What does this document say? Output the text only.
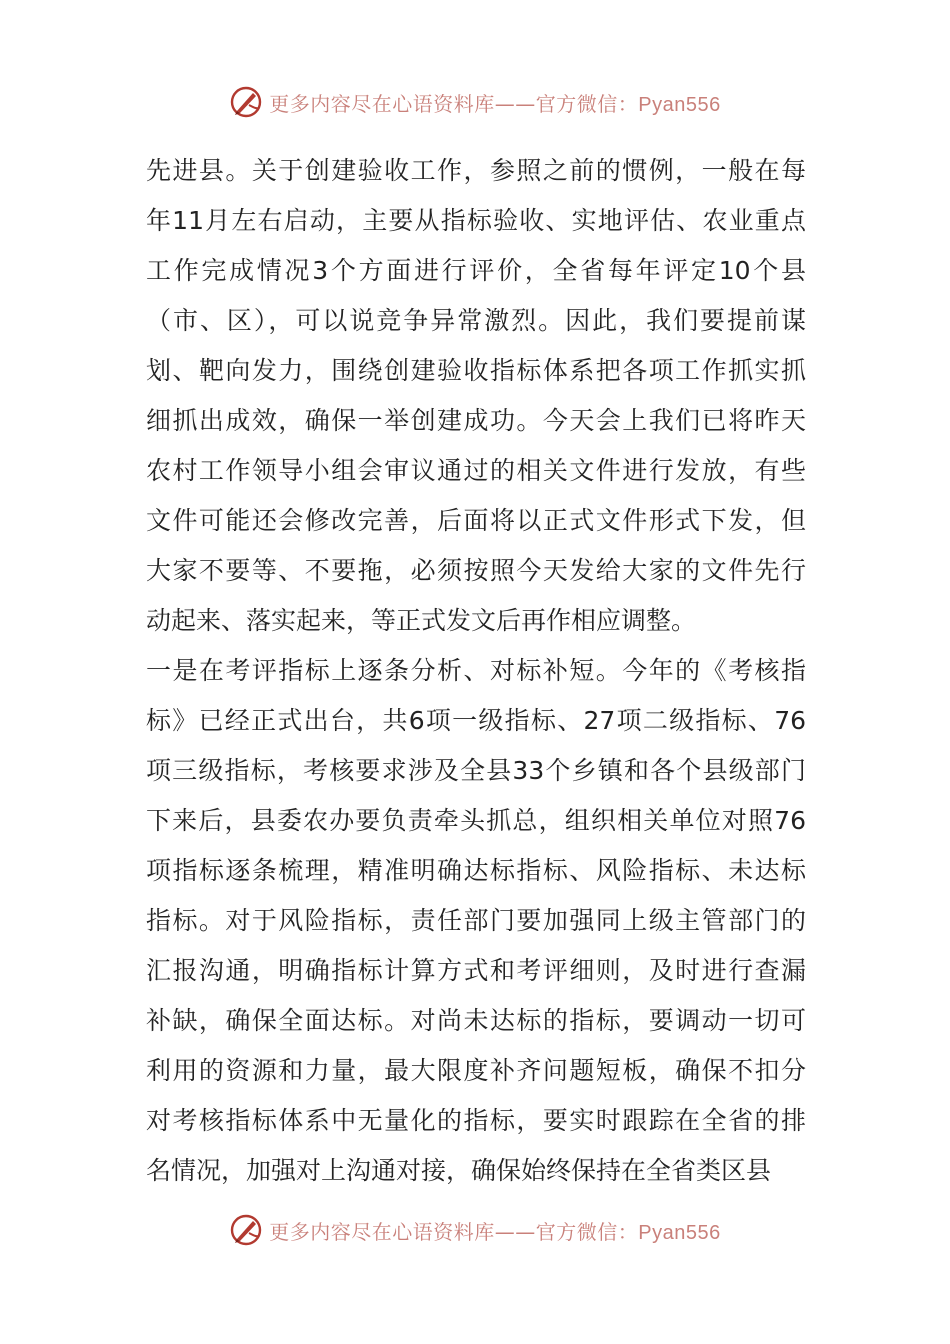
更多内容尽在心语资料库——官方微信：Pyan556
先进县。关于创建验收工作，参照之前的惯例，一般在每
年11月左右启动，主要从指标验收、实地评估、农业重点
工作完成情况3个方面进行评价，全省每年评定10个县
（市、区），可以说竞争异常激烈。因此，我们要提前谋
划、靶向发力，围绕创建验收指标体系把各项工作抓实抓
细抓出成效，确保一举创建成功。今天会上我们已将昨天
农村工作领导小组会审议通过的相关文件进行发放，有些
文件可能还会修改完善，后面将以正式文件形式下发，但
大家不要等、不要拖，必须按照今天发给大家的文件先行
动起来、落实起来，等正式发文后再作相应调整。
一是在考评指标上逐条分析、对标补短。今年的《考核指
标》已经正式出台，共6项一级指标、27项二级指标、76
项三级指标，考核要求涉及全县33个乡镇和各个县级部门
下来后，县委农办要负责牵头抓总，组织相关单位对照76
项指标逐条梳理，精准明确达标指标、风险指标、未达标
指标。对于风险指标，责任部门要加强同上级主管部门的
汇报沟通，明确指标计算方式和考评细则，及时进行查漏
补缺，确保全面达标。对尚未达标的指标，要调动一切可
利用的资源和力量，最大限度补齐问题短板，确保不扣分
对考核指标体系中无量化的指标，要实时跟踪在全省的排
名情况，加强对上沟通对接，确保始终保持在全省类区县
更多内容尽在心语资料库——官方微信：Pyan556
